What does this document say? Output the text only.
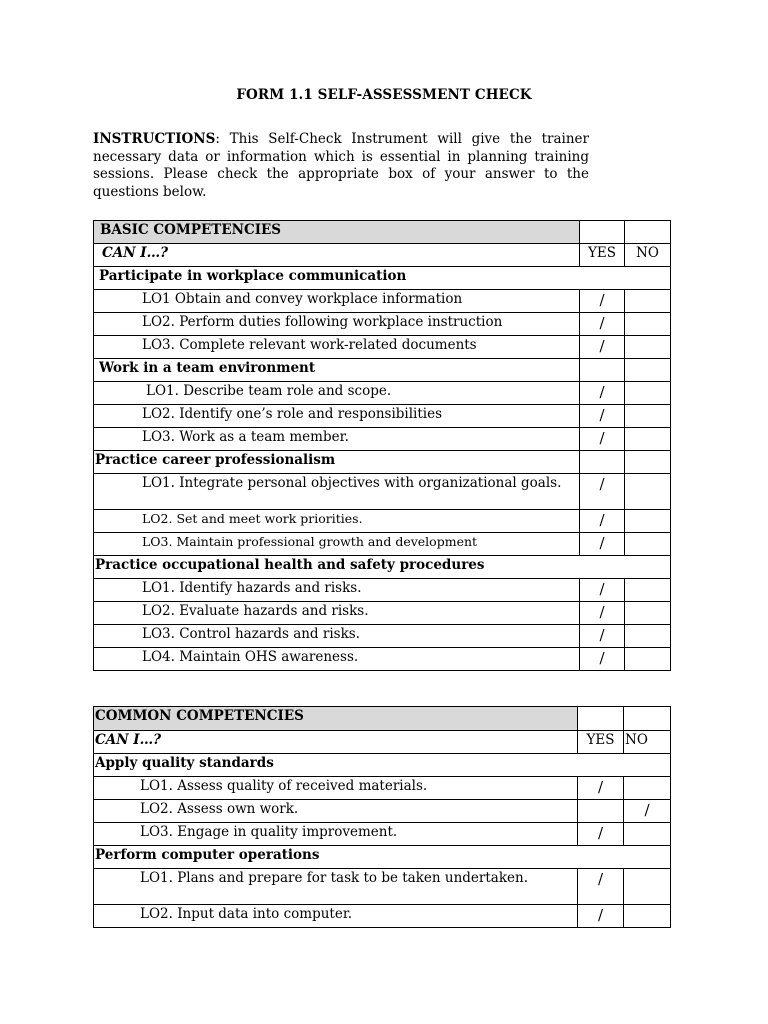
FORM 1.1 SELF-ASSESSMENT CHECK
INSTRUCTIONS: This Self-Check Instrument will give the trainer necessary data or information which is essential in planning training sessions. Please check the appropriate box of your answer to the questions below.
BASIC COMPETENCIES		
CAN I…?	YES	NO
Participate in workplace communication		
LO1 Obtain and convey workplace information	/	
LO2. Perform duties following workplace instruction	/	
LO3. Complete relevant work-related documents	/	
Work in a team environment		
LO1. Describe team role and scope.	/	
LO2. Identify one’s role and responsibilities	/	
LO3. Work as a team member.	/	
Practice career professionalism		
LO1. Integrate personal objectives with organizational goals.	/	
LO2. Set and meet work priorities.	/	
LO3. Maintain professional growth and development	/	
Practice occupational health and safety procedures		
LO1. Identify hazards and risks.	/	
LO2. Evaluate hazards and risks.	/	
LO3. Control hazards and risks.	/	
LO4. Maintain OHS awareness.	/	
COMMON COMPETENCIES		
CAN I…?	YES	NO
Apply quality standards		
LO1. Assess quality of received materials.	/	
LO2. Assess own work.		/
LO3. Engage in quality improvement.	/	
Perform computer operations		
LO1. Plans and prepare for task to be taken undertaken.	/	
LO2. Input data into computer.	/	
